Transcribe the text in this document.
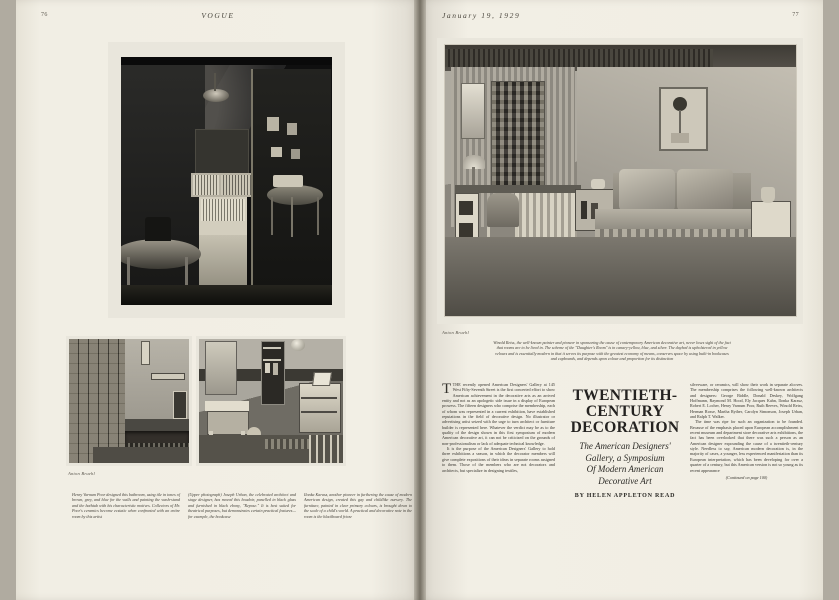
76	VOGUE
Anton Bruehl
Henry Varnum Poor designed this bathroom, using tile in tones of brown, grey, and blue for the walls and painting the wash-stand and the bathtub with his characteristic motives. Collectors of Mr. Poor's ceramics become ecstatic when confronted with an entire room by this artist
(Upper photograph) Joseph Urban, the celebrated architect and stage designer, has moved this boudoir, panelled in black glass and furnished in black ebony, "Repose." It is best suited for theatrical purposes, but demonstrates certain practical features—for example, the bookcase
Ilonka Karasz, another pioneer in furthering the cause of modern American design, created this gay and childlike nursery. The furniture, painted in clear primary colours, is brought down to the scale of a child's world. A practical and decorative note in the room is the blackboard frieze
January 19, 1929	77
Anton Bruehl
Winold Reiss, the well-known painter and pioneer in sponsoring the cause of contemporary American decorative art, never loses sight of the fact that rooms are to be lived in. The scheme of the "Daughter's Room" is in canary-yellow, blue, and silver. The daybed is upholstered in yellow velours and is essentially modern in that it serves its purpose with the greatest economy of means, conserves space by using built-in bookcases and cupboards, and depends upon colour and proportion for its distinction

TTHE recently opened American Designers' Gallery at 145 West Fifty-Seventh Street is the first concerted effort to show American achievement in the decorative arts as an arrived entity and not as an apologetic side issue in a display of European prowess. The fifteen designers who comprise the membership, each of whom was represented in a current exhibition, have established reputations in the field of decorative design. No illustrator or advertising artist seized with the urge to turn architect or furniture builder is represented here. Whatever the verdict may be as to the quality of the design shown in this first symposium of modern American decorative art, it can not be criticized on the grounds of non-professionalism or lack of adequate technical knowledge.

It is the purpose of the American Designers' Gallery to hold three exhibitions a season, in which the decorator members will give complete expositions of their ideas in separate rooms assigned to them. Those of the members who are not decorators and architects, but specialize in designing textiles,

TWENTIETH-
CENTURY
DECORATION
The American Designers'
Gallery, a Symposium
Of Modern American
Decorative Art
BY HELEN APPLETON READ

silverware, or ceramics, will show their work in separate alcoves. The membership comprises the following well-known architects and designers: George Biddle, Donald Deskey, Wolfgang Hoffmann, Raymond M. Hood, Ely Jacques Kahn, Ilonka Karasz, Robert E. Locher, Henry Varnum Poor, Ruth Reeves, Winold Reiss, Herman Rosse, Martha Ryther, Carolyn Simonson, Joseph Urban, and Ralph T. Walker.

The time was ripe for such an organization to be founded. Because of the emphasis placed upon European accomplishment in recent museum and department store decorative arts exhibitions, the fact has been overlooked that there was such a person as an American designer expounding the cause of a twentieth-century style. Needless to say, American modern decoration is, in the majority of cases, a younger, less experienced manifestation than its European interpretation, which has been developing for over a quarter of a century, but this American version is not so young as its recent appearance
(Continued on page 100)
